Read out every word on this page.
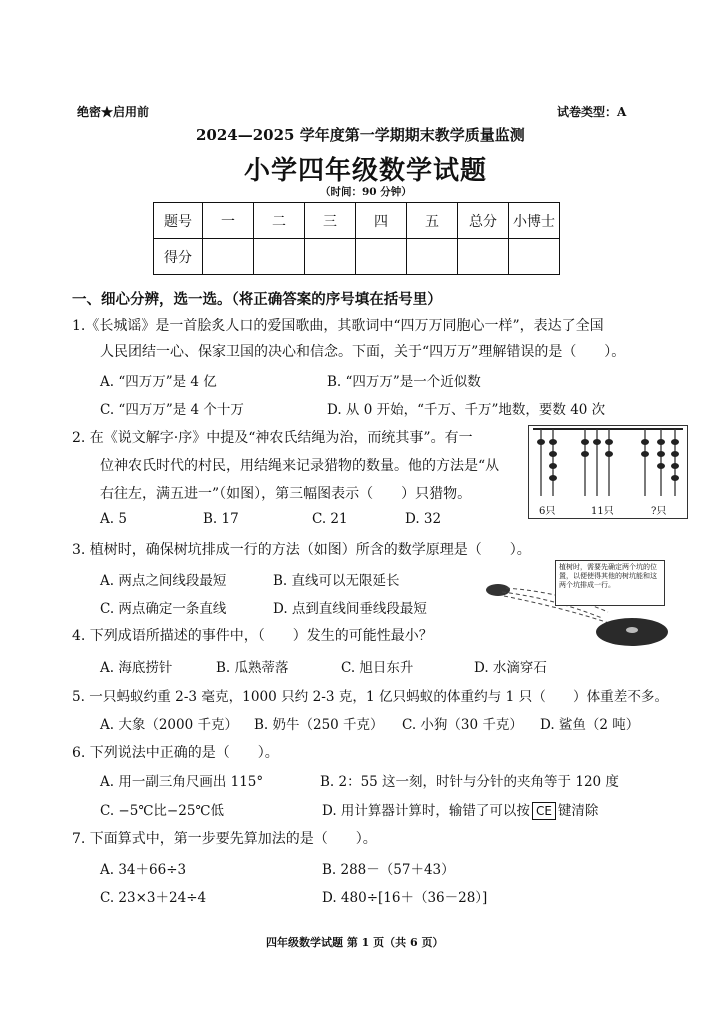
绝密★启用前	试卷类型：A
2024—2025 学年度第一学期期末教学质量监测
小学四年级数学试题
（时间：90 分钟）
题号	一	二	三	四	五	总分	小博士
得分							
一、细心分辨，选一选。（将正确答案的序号填在括号里）
1.《长城谣》是一首脍炙人口的爱国歌曲，其歌词中“四万万同胞心一样”，表达了全国
人民团结一心、保家卫国的决心和信念。下面，关于“四万万”理解错误的是（　　）。
A. “四万万”是 4 亿	B. “四万万”是一个近似数
C. “四万万”是 4 个十万	D. 从 0 开始，“千万、千万”地数，要数 40 次
2. 在《说文解字·序》中提及“神农氏结绳为治，而统其事”。有一
位神农氏时代的村民，用结绳来记录猎物的数量。他的方法是“从
右往左，满五进一”（如图），第三幅图表示（　　）只猎物。
A. 5	B. 17	C. 21	D. 32	6只	11只	?只
3. 植树时，确保树坑排成一行的方法（如图）所含的数学原理是（　　）。
A. 两点之间线段最短	B. 直线可以无限延长
C. 两点确定一条直线	D. 点到直线间垂线段最短
植树时，需要先确定两个坑的位置，以便使得其他的树坑能和这两个坑排成一行。
4. 下列成语所描述的事件中，（　　）发生的可能性最小？
A. 海底捞针	B. 瓜熟蒂落	C. 旭日东升	D. 水滴穿石
5. 一只蚂蚁约重 2-3 毫克，1000 只约 2-3 克，1 亿只蚂蚁的体重约与 1 只（　　）体重差不多。
A. 大象（2000 千克） B. 奶牛（250 千克） C. 小狗（30 千克） D. 鲨鱼（2 吨）
6. 下列说法中正确的是（　　）。
A. 用一副三角尺画出 115°	B. 2：55 这一刻，时针与分针的夹角等于 120 度
C. −5℃比−25℃低	D. 用计算器计算时，输错了可以按 CE 键清除
7. 下面算式中，第一步要先算加法的是（　　）。
A. 34＋66÷3	B. 288－（57＋43）
C. 23×3＋24÷4	D. 480÷[16＋（36－28）]
四年级数学试题 第 1 页（共 6 页）
